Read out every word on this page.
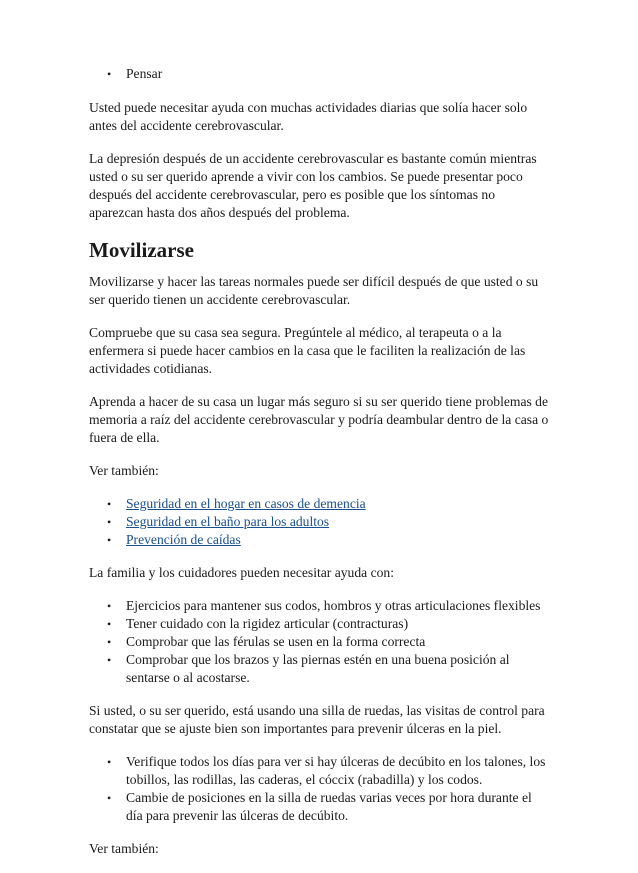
• Pensar

Usted puede necesitar ayuda con muchas actividades diarias que solía hacer solo antes del accidente cerebrovascular.

La depresión después de un accidente cerebrovascular es bastante común mientras usted o su ser querido aprende a vivir con los cambios. Se puede presentar poco después del accidente cerebrovascular, pero es posible que los síntomas no aparezcan hasta dos años después del problema.

Movilizarse

Movilizarse y hacer las tareas normales puede ser difícil después de que usted o su ser querido tienen un accidente cerebrovascular.

Compruebe que su casa sea segura. Pregúntele al médico, al terapeuta o a la enfermera si puede hacer cambios en la casa que le faciliten la realización de las actividades cotidianas.

Aprenda a hacer de su casa un lugar más seguro si su ser querido tiene problemas de memoria a raíz del accidente cerebrovascular y podría deambular dentro de la casa o fuera de ella.

Ver también:

• Seguridad en el hogar en casos de demencia
• Seguridad en el baño para los adultos
• Prevención de caídas

La familia y los cuidadores pueden necesitar ayuda con:

• Ejercicios para mantener sus codos, hombros y otras articulaciones flexibles
• Tener cuidado con la rigidez articular (contracturas)
• Comprobar que las férulas se usen en la forma correcta
• Comprobar que los brazos y las piernas estén en una buena posición al sentarse o al acostarse.

Si usted, o su ser querido, está usando una silla de ruedas, las visitas de control para constatar que se ajuste bien son importantes para prevenir úlceras en la piel.

• Verifique todos los días para ver si hay úlceras de decúbito en los talones, los tobillos, las rodillas, las caderas, el cóccix (rabadilla) y los codos.
• Cambie de posiciones en la silla de ruedas varias veces por hora durante el día para prevenir las úlceras de decúbito.

Ver también:
